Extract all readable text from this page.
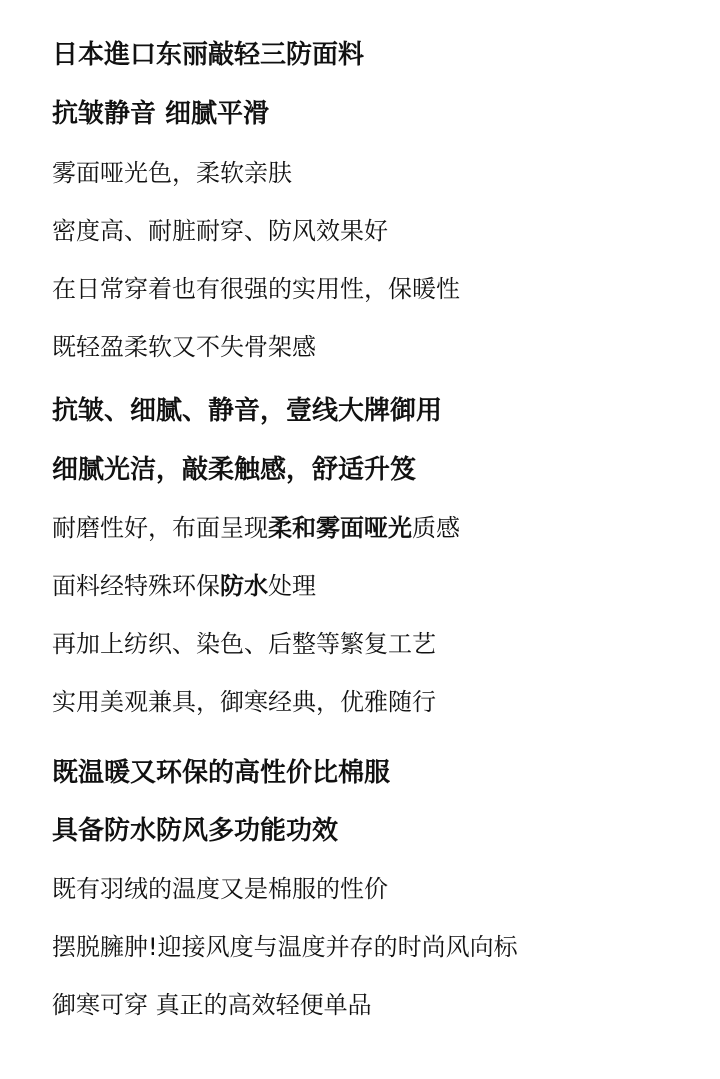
日本進口东丽敲轻三防面料
抗皱静音 细腻平滑
雾面哑光色，柔软亲肤
密度高、耐脏耐穿、防风效果好
在日常穿着也有很强的实用性，保暖性
既轻盈柔软又不失骨架感
抗皱、细腻、静音，壹线大牌御用
细腻光洁，敲柔触感，舒适升笈
耐磨性好，布面呈现柔和雾面哑光质感
面料经特殊环保防水处理
再加上纺织、染色、后整等繁复工艺
实用美观兼具，御寒经典，优雅随行
既温暖又环保的高性价比棉服
具备防水防风多功能功效
既有羽绒的温度又是棉服的性价
摆脱臃肿!迎接风度与温度并存的时尚风向标
御寒可穿 真正的高效轻便单品
